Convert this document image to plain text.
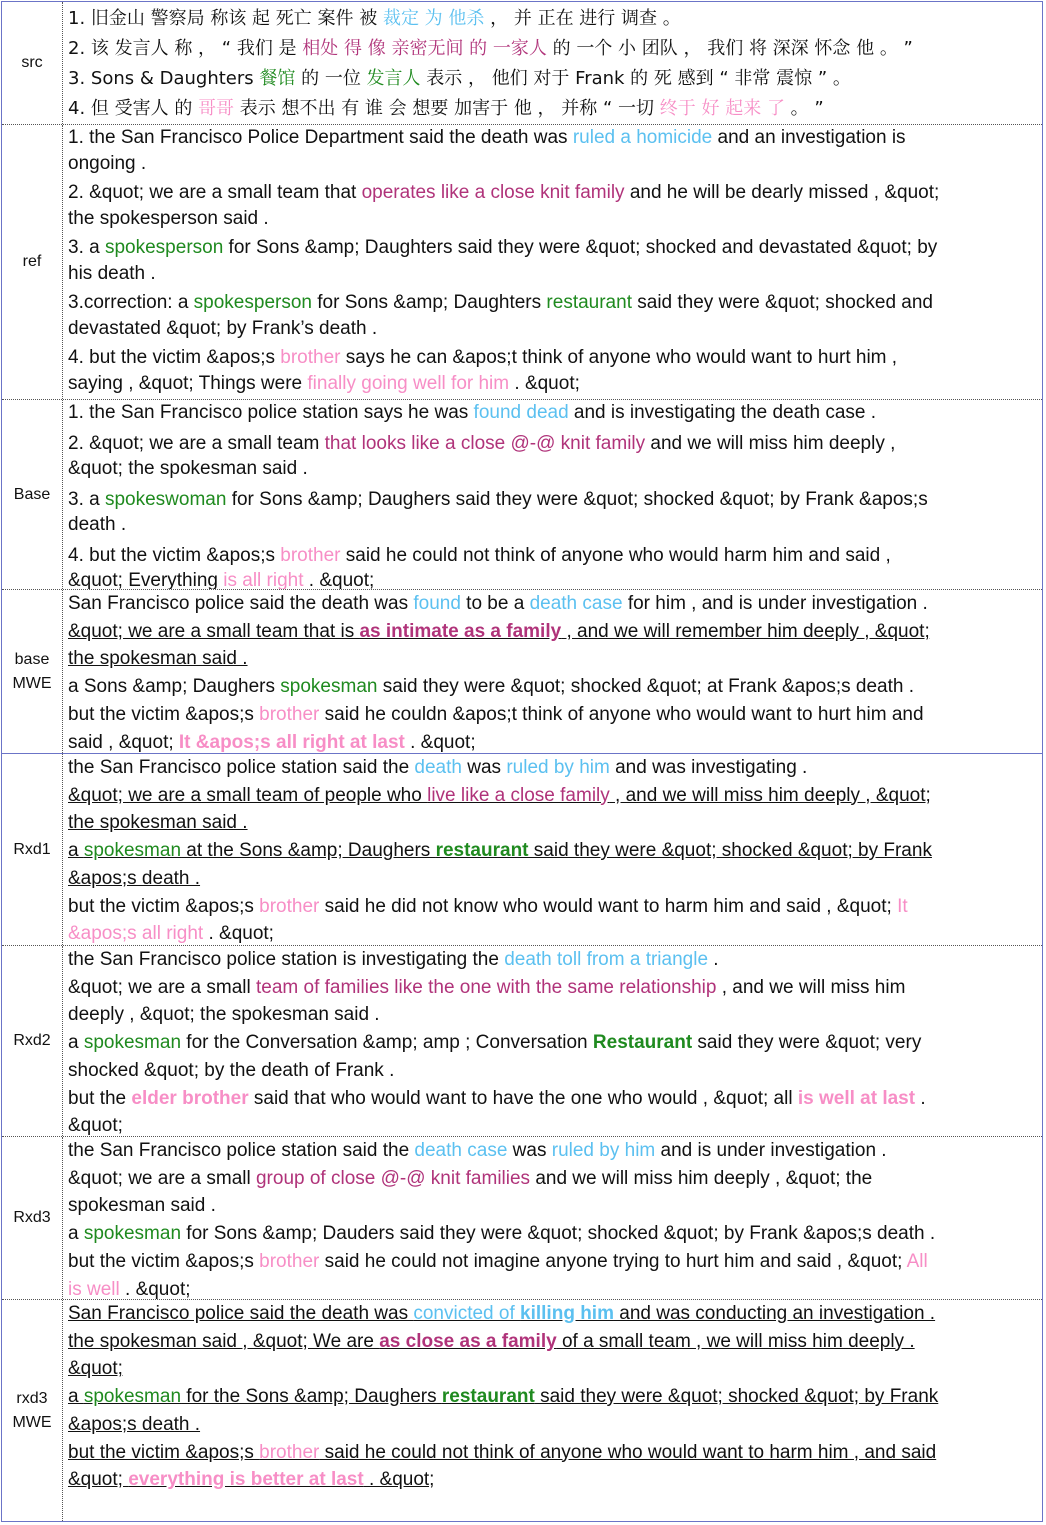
src
1. 旧金山 警察局 称该 起 死亡 案件 被 裁定 为 他杀 ， 并 正在 进行 调查 。
2. 该 发言人 称 ， “ 我们 是 相处 得 像 亲密无间 的 一家人 的 一个 小 团队 ， 我们 将 深深 怀念 他 。 ”
3. Sons & Daughters 餐馆 的 一位 发言人 表示 ， 他们 对于 Frank 的 死 感到 “ 非常 震惊 ” 。
4. 但 受害人 的 哥哥 表示 想不出 有 谁 会 想要 加害于 他 ， 并称 “ 一切 终于 好 起来 了 。 ”
ref
1. the San Francisco Police Department said the death was ruled a homicide and an investigation is
ongoing .
2. &quot; we are a small team that operates like a close knit family and he will be dearly missed , &quot;
the spokesperson said .
3. a spokesperson for Sons &amp; Daughters said they were &quot; shocked and devastated &quot; by
his death .
3.correction: a spokesperson for Sons &amp; Daughters restaurant said they were &quot; shocked and
devastated &quot; by Frank’s death .
4. but the victim &apos;s brother says he can &apos;t think of anyone who would want to hurt him ,
saying , &quot; Things were finally going well for him . &quot;
Base
1. the San Francisco police station says he was found dead and is investigating the death case .
2. &quot; we are a small team that looks like a close @-@ knit family and we will miss him deeply ,
&quot; the spokesman said .
3. a spokeswoman for Sons &amp; Daughers said they were &quot; shocked &quot; by Frank &apos;s
death .
4. but the victim &apos;s brother said he could not think of anyone who would harm him and said ,
&quot; Everything is all right . &quot;
base
MWE
San Francisco police said the death was found to be a death case for him , and is under investigation .
&quot; we are a small team that is as intimate as a family , and we will remember him deeply , &quot;
the spokesman said .
a Sons &amp; Daughers spokesman said they were &quot; shocked &quot; at Frank &apos;s death .
but the victim &apos;s brother said he couldn &apos;t think of anyone who would want to hurt him and
said , &quot; It &apos;s all right at last . &quot;
Rxd1
the San Francisco police station said the death was ruled by him and was investigating .
&quot; we are a small team of people who live like a close family , and we will miss him deeply , &quot;
the spokesman said .
a spokesman at the Sons &amp; Daughers restaurant said they were &quot; shocked &quot; by Frank
&apos;s death .
but the victim &apos;s brother said he did not know who would want to harm him and said , &quot; It
&apos;s all right . &quot;
Rxd2
the San Francisco police station is investigating the death toll from a triangle .
&quot; we are a small team of families like the one with the same relationship , and we will miss him
deeply , &quot; the spokesman said .
a spokesman for the Conversation &amp; amp ; Conversation Restaurant said they were &quot; very
shocked &quot; by the death of Frank .
but the elder brother said that who would want to have the one who would , &quot; all is well at last .
&quot;
Rxd3
the San Francisco police station said the death case was ruled by him and is under investigation .
&quot; we are a small group of close @-@ knit families and we will miss him deeply , &quot; the
spokesman said .
a spokesman for Sons &amp; Dauders said they were &quot; shocked &quot; by Frank &apos;s death .
but the victim &apos;s brother said he could not imagine anyone trying to hurt him and said , &quot; All
is well . &quot;
rxd3
MWE
San Francisco police said the death was convicted of killing him and was conducting an investigation .
the spokesman said , &quot; We are as close as a family of a small team , we will miss him deeply .
&quot;
a spokesman for the Sons &amp; Daughers restaurant said they were &quot; shocked &quot; by Frank
&apos;s death .
but the victim &apos;s brother said he could not think of anyone who would want to harm him , and said
&quot; everything is better at last . &quot;
